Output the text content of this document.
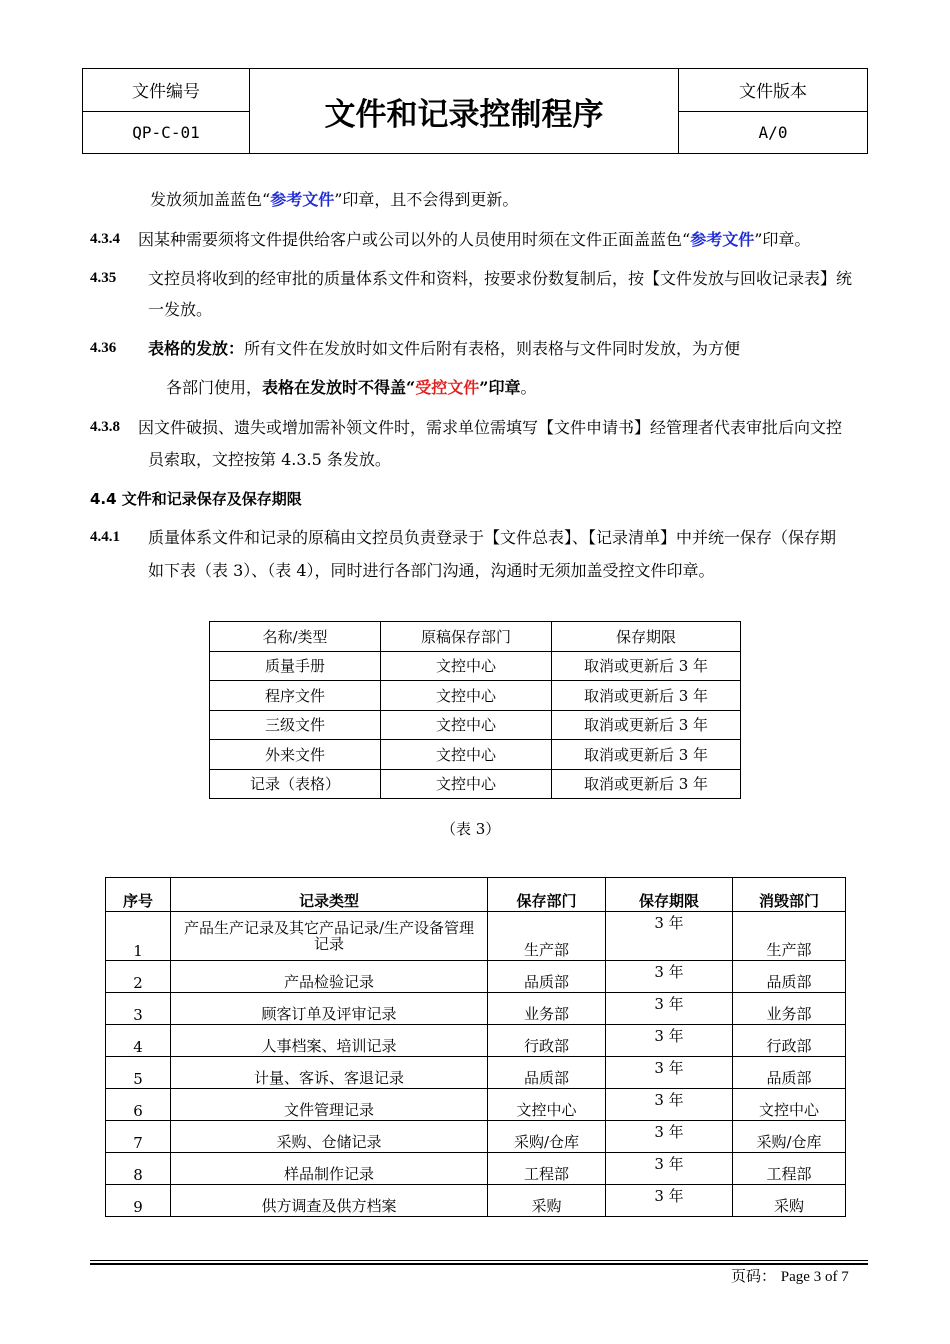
文件编号	文件和记录控制程序	文件版本
QP-C-01		A/0
发放须加盖蓝色“参考文件”印章，且不会得到更新。
4.3.4 因某种需要须将文件提供给客户或公司以外的人员使用时须在文件正面盖蓝色“参考文件”印章。
4.35 文控员将收到的经审批的质量体系文件和资料，按要求份数复制后，按【文件发放与回收记录表】统
一发放。
4.36 表格的发放：所有文件在发放时如文件后附有表格，则表格与文件同时发放，为方便
各部门使用，表格在发放时不得盖“受控文件”印章。
4.3.8 因文件破损、遗失或增加需补领文件时，需求单位需填写【文件申请书】经管理者代表审批后向文控
员索取，文控按第 4.3.5 条发放。
4.4 文件和记录保存及保存期限
4.4.1 质量体系文件和记录的原稿由文控员负责登录于【文件总表】、【记录清单】中并统一保存（保存期
如下表（表 3）、（表 4），同时进行各部门沟通，沟通时无须加盖受控文件印章。
名称/类型	原稿保存部门	保存期限
质量手册	文控中心	取消或更新后 3 年
程序文件	文控中心	取消或更新后 3 年
三级文件	文控中心	取消或更新后 3 年
外来文件	文控中心	取消或更新后 3 年
记录（表格）	文控中心	取消或更新后 3 年
（表 3）
序号	记录类型	保存部门	保存期限	消毁部门
1	产品生产记录及其它产品记录/生产设备管理记录	生产部	3 年	生产部
2	产品检验记录	品质部	3 年	品质部
3	顾客订单及评审记录	业务部	3 年	业务部
4	人事档案、培训记录	行政部	3 年	行政部
5	计量、客诉、客退记录	品质部	3 年	品质部
6	文件管理记录	文控中心	3 年	文控中心
7	采购、仓储记录	采购/仓库	3 年	采购/仓库
8	样品制作记录	工程部	3 年	工程部
9	供方调查及供方档案	采购	3 年	采购
页码： Page 3 of 7
